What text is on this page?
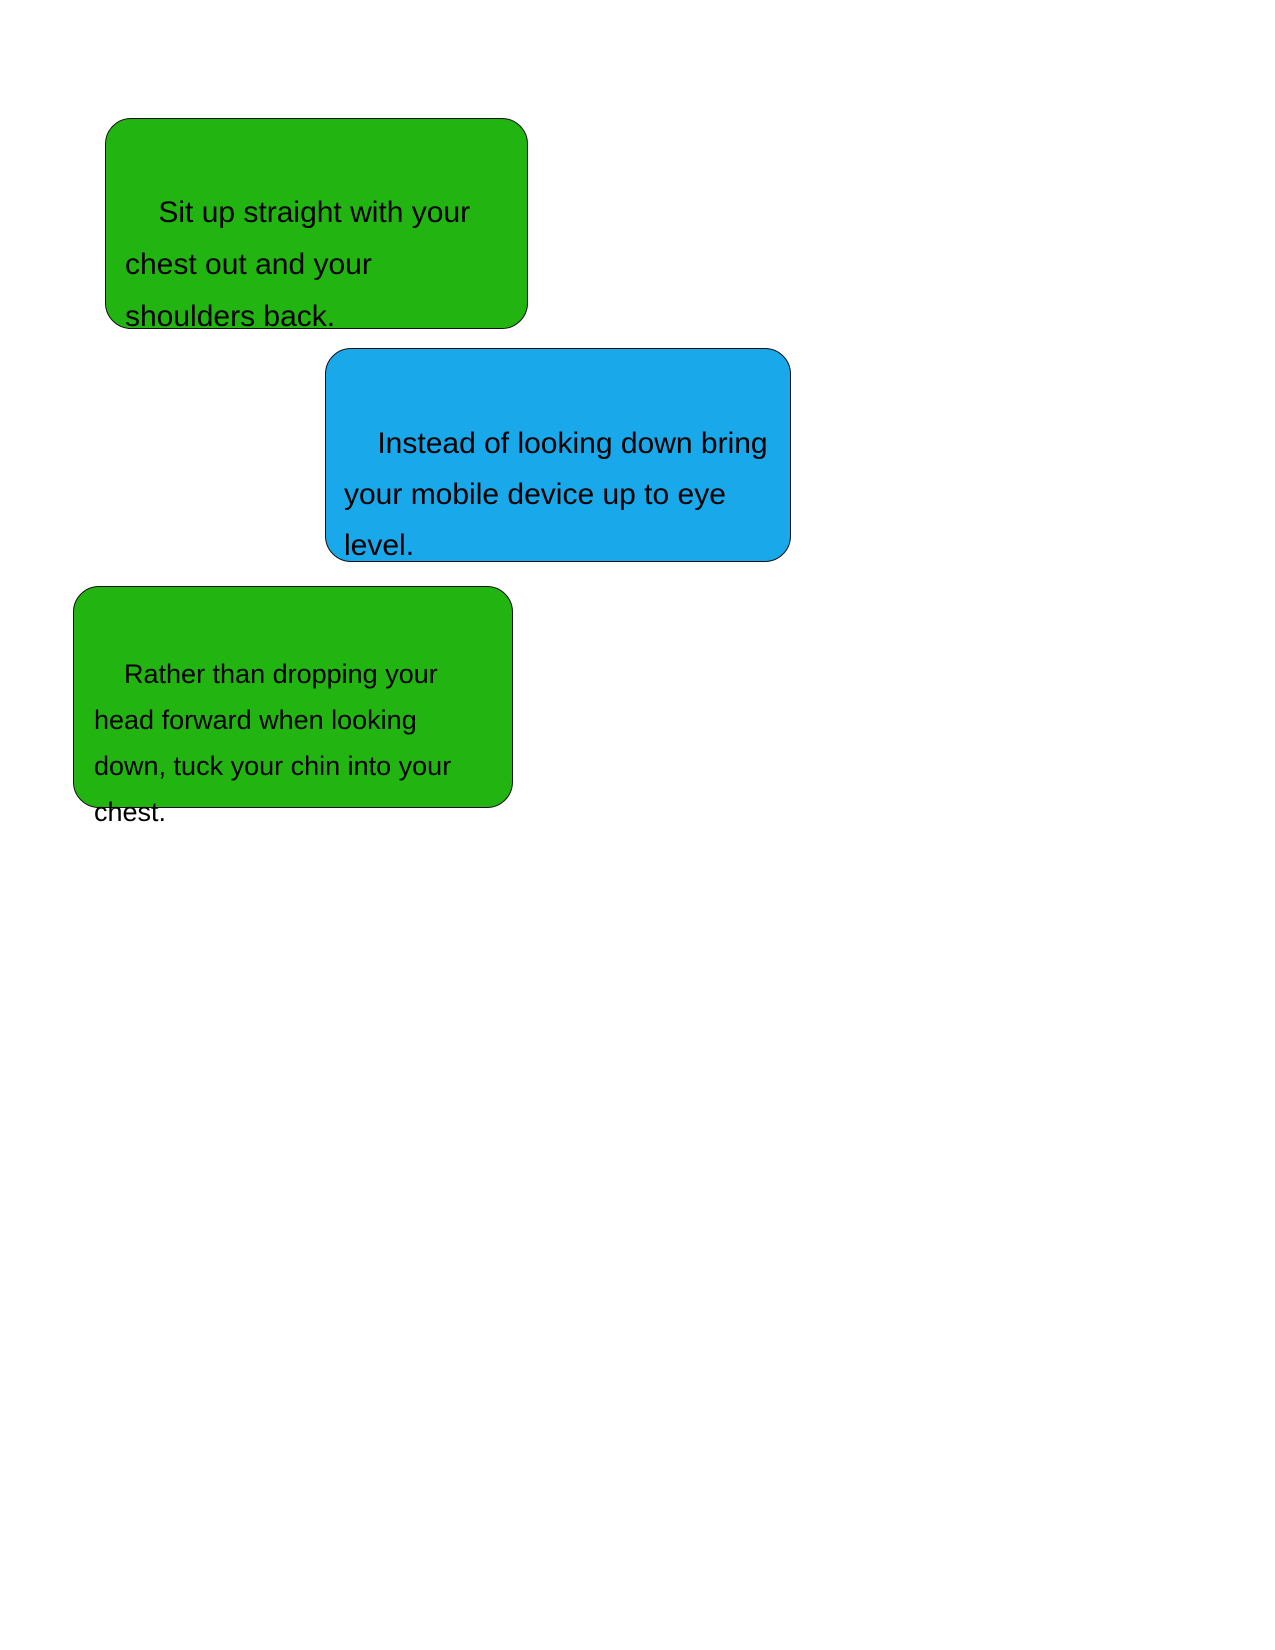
Sit up straight with your chest out and your shoulders back.

Instead of looking down bring your mobile device up to eye level.

Rather than dropping your head forward when looking down, tuck your chin into your chest.
